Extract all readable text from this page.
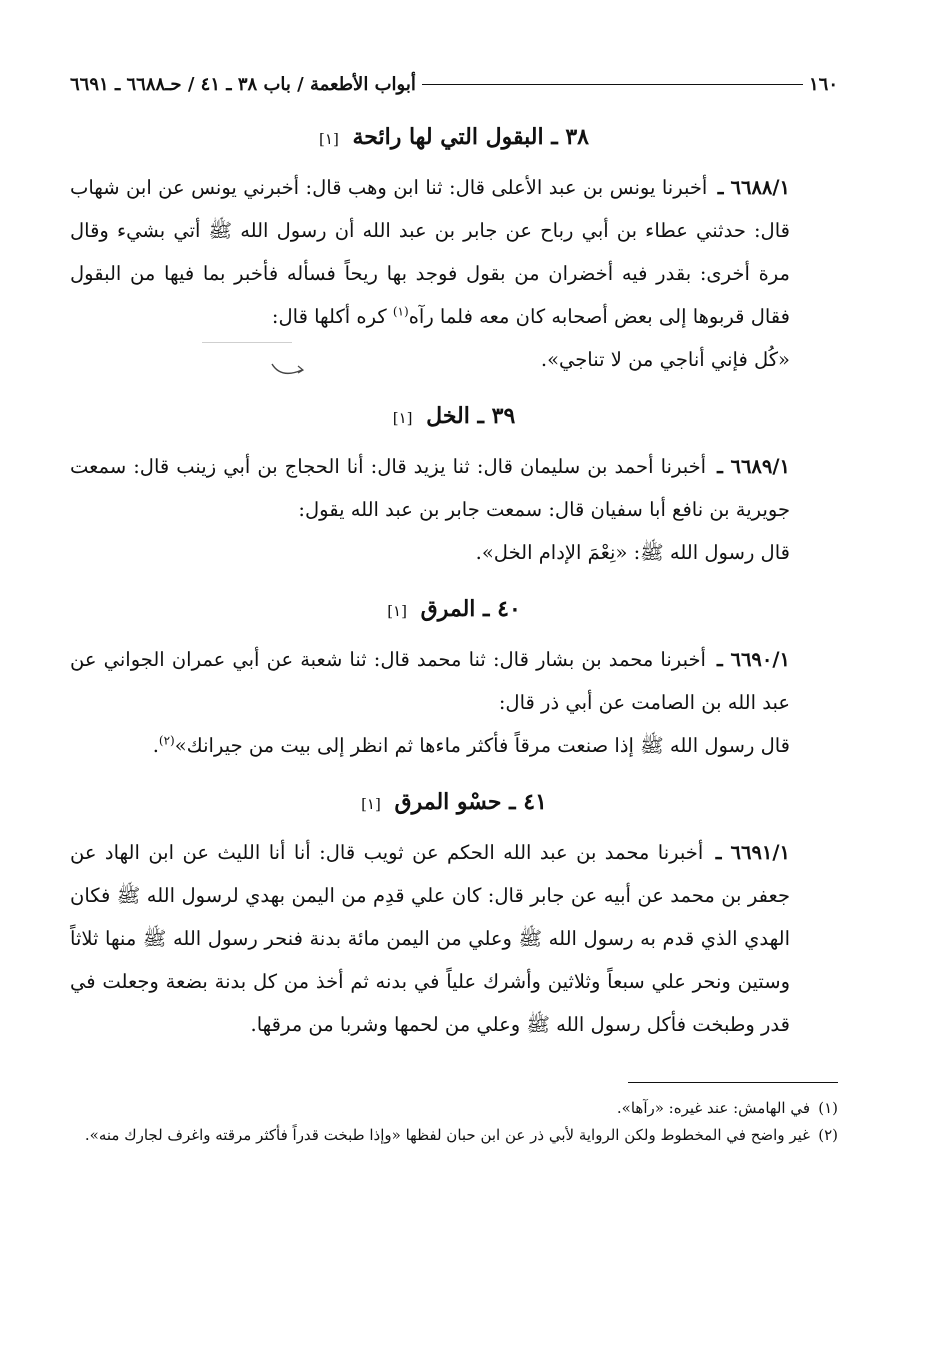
١٦٠
أبواب الأطعمة / باب ٣٨ ـ ٤١ / حـ٦٦٨٨ ـ ٦٦٩١
٣٨ ـ البقول التي لها رائحة [١]

٦٦٨٨/١ ـ أخبرنا يونس بن عبد الأعلى قال: ثنا ابن وهب قال: أخبرني يونس عن ابن شهاب قال: حدثني عطاء بن أبي رباح عن جابر بن عبد الله أن رسول الله ﷺ أتي بشيء وقال مرة أخرى: بقدر فيه أخضران من بقول فوجد بها ريحاً فسأله فأخبر بما فيها من البقول فقال قربوها إلى بعض أصحابه كان معه فلما رآه$^{(١)}$ كره أكلها قال:

«كُل فإني أناجي من لا تناجي».

٣٩ ـ الخل [١]

٦٦٨٩/١ ـ أخبرنا أحمد بن سليمان قال: ثنا يزيد قال: أنا الحجاج بن أبي زينب قال: سمعت جويرية بن نافع أبا سفيان قال: سمعت جابر بن عبد الله يقول:

قال رسول الله ﷺ: «نِعْمَ الإدام الخل».

٤٠ ـ المرق [١]

٦٦٩٠/١ ـ أخبرنا محمد بن بشار قال: ثنا محمد قال: ثنا شعبة عن أبي عمران الجواني عن عبد الله بن الصامت عن أبي ذر قال:

قال رسول الله ﷺ إذا صنعت مرقاً فأكثر ماءها ثم انظر إلى بيت من جيرانك»$^{(٢)}$.

٤١ ـ حسْو المرق [١]

٦٦٩١/١ ـ أخبرنا محمد بن عبد الله الحكم عن ثويب قال: أنا أنا الليث عن ابن الهاد عن جعفر بن محمد عن أبيه عن جابر قال: كان علي قدِم من اليمن بهدي لرسول الله ﷺ فكان الهدي الذي قدم به رسول الله ﷺ وعلي من اليمن مائة بدنة فنحر رسول الله ﷺ منها ثلاثاً وستين ونحر علي سبعاً وثلاثين وأشرك علياً في بدنه ثم أخذ من كل بدنة بضعة وجعلت في قدر وطبخت فأكل رسول الله ﷺ وعلي من لحمها وشربا من مرقها.

(١)
في الهامش: عند غيره: «رآها».
(٢)
غير واضح في المخطوط ولكن الرواية لأبي ذر عن ابن حبان لفظها «وإذا طبخت قدراً فأكثر مرقته واغرف لجارك منه».
